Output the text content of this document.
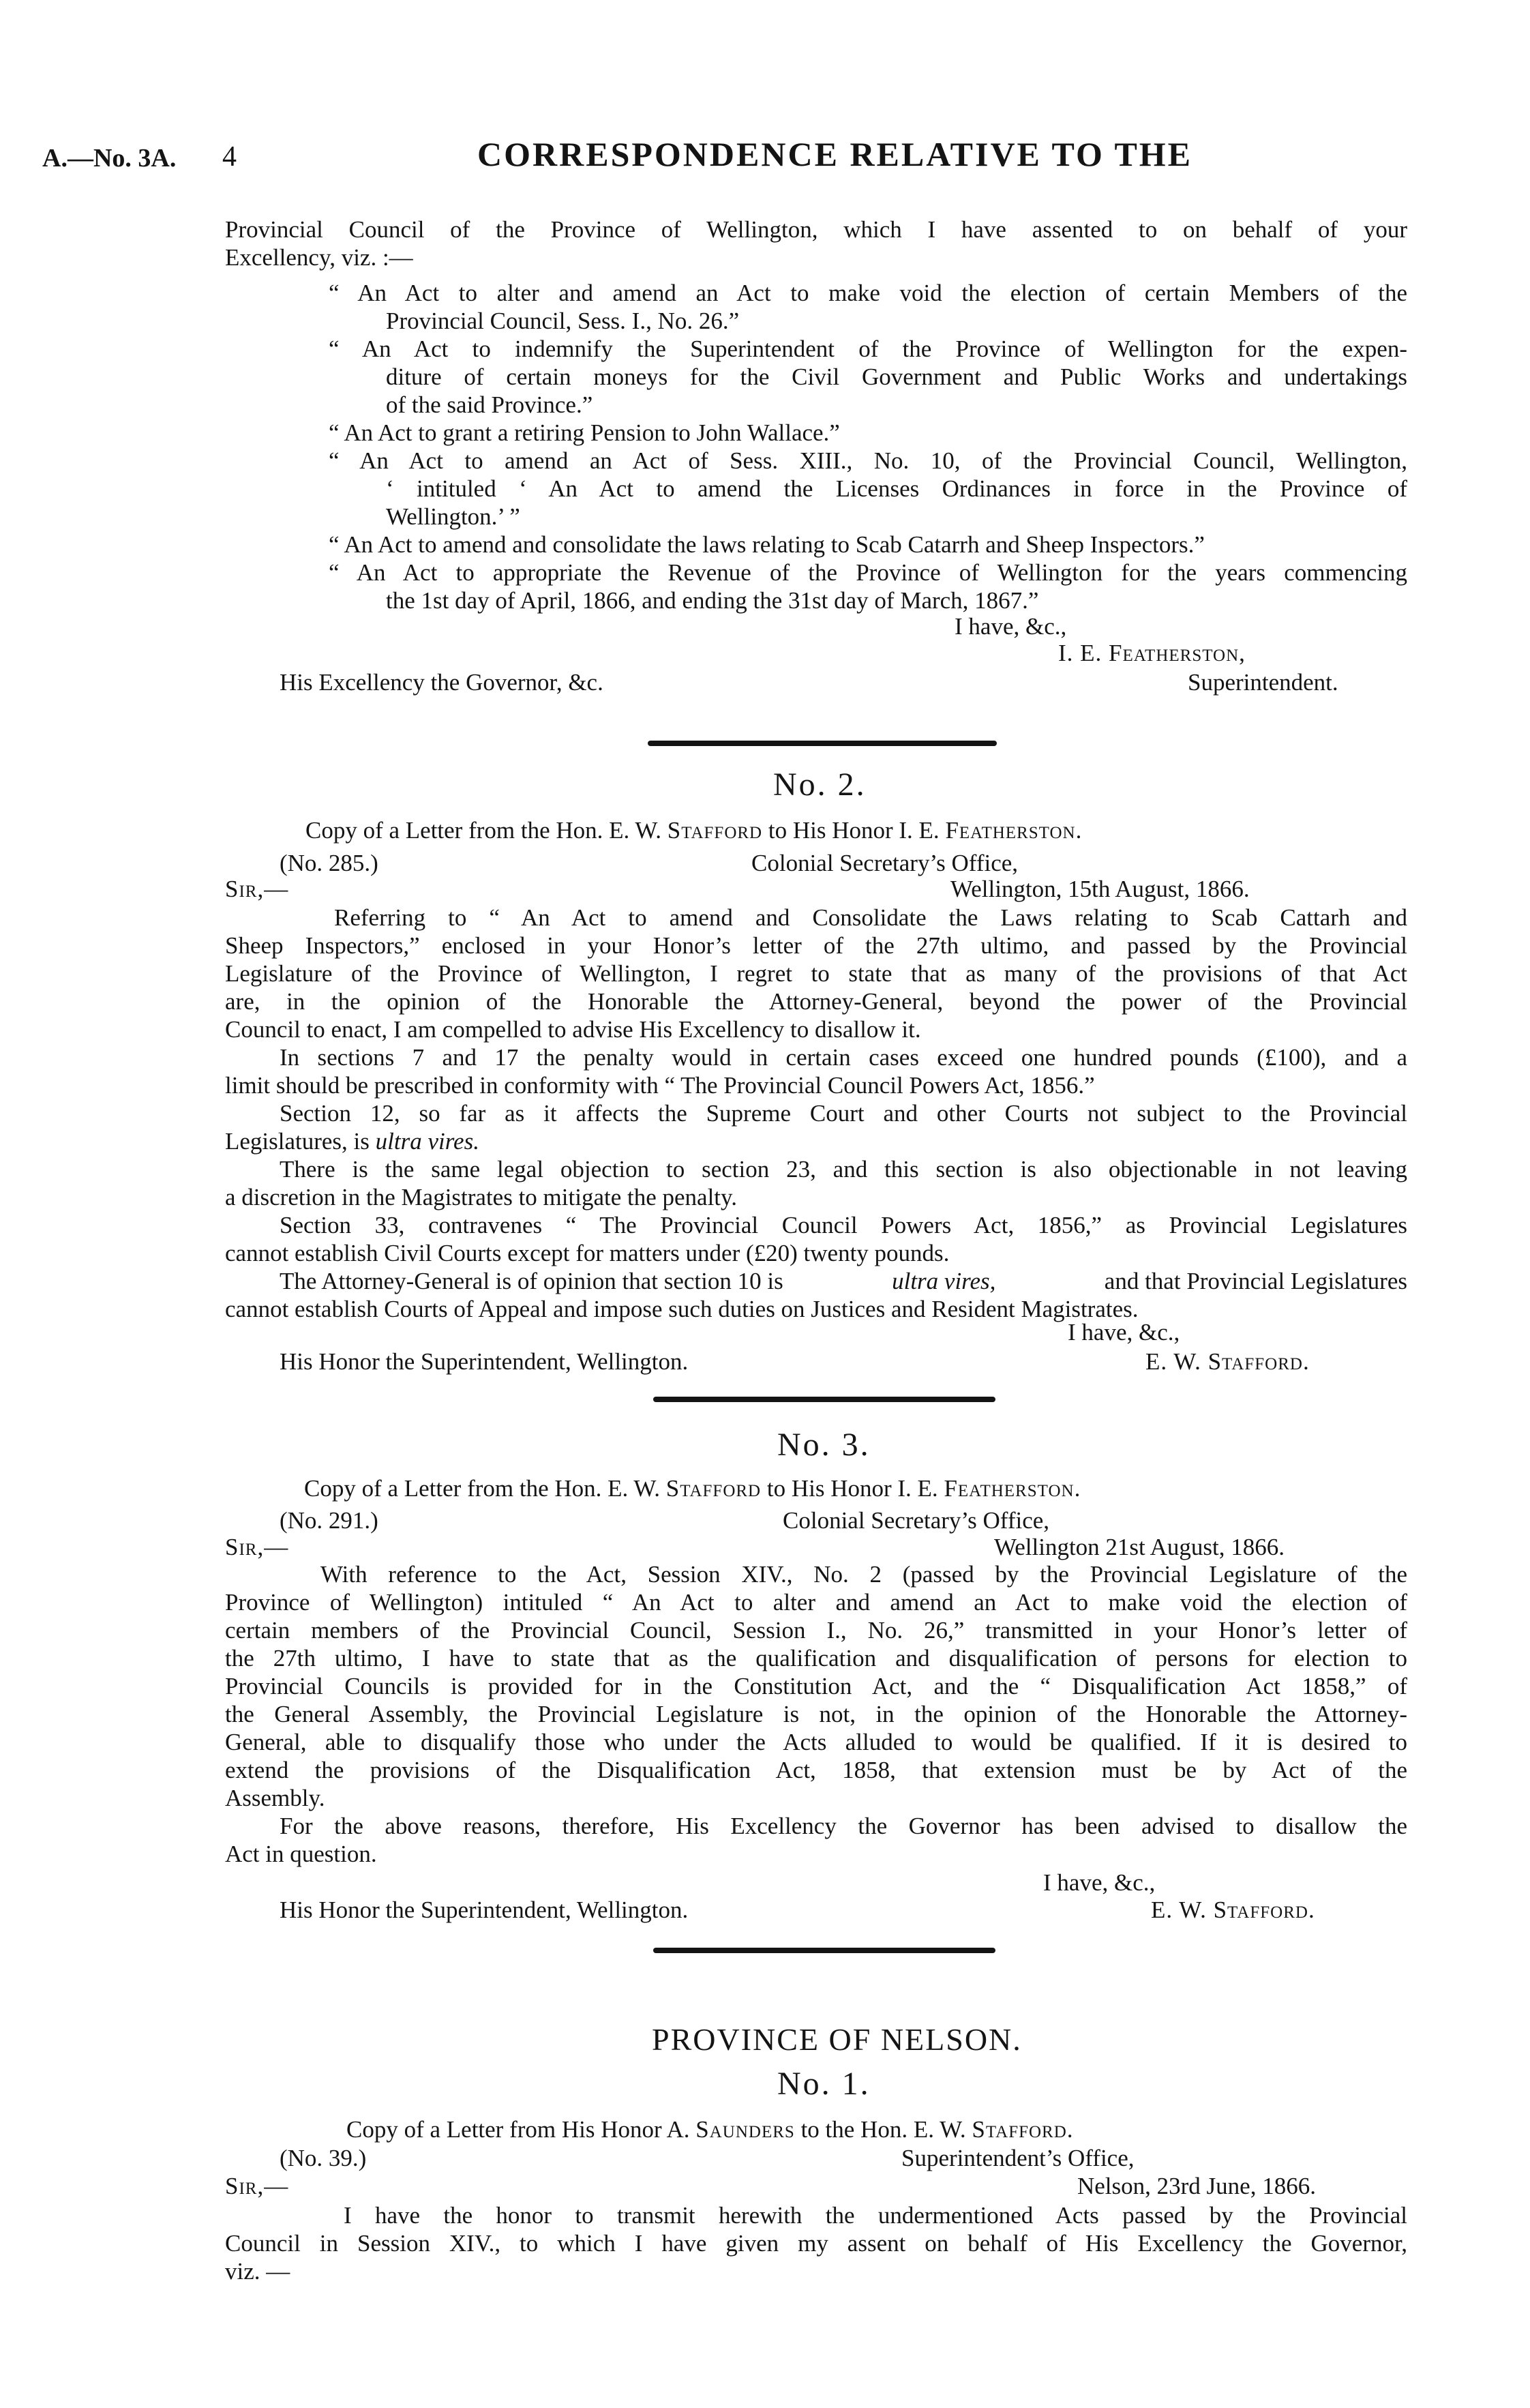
A.—No. 3A. 4	CORRESPONDENCE RELATIVE TO THE
Provincial Council of the Province of Wellington, which I have assented to on behalf of your
Excellency, viz. :—
“ An Act to alter and amend an Act to make void the election of certain Members of the
Provincial Council, Sess. I., No. 26.”
“ An Act to indemnify the Superintendent of the Province of Wellington for the expen-
diture of certain moneys for the Civil Government and Public Works and undertakings
of the said Province.”
“ An Act to grant a retiring Pension to John Wallace.”
“ An Act to amend an Act of Sess. XIII., No. 10, of the Provincial Council, Wellington,
‘ intituled ‘ An Act to amend the Licenses Ordinances in force in the Province of
Wellington.’ ”
“ An Act to amend and consolidate the laws relating to Scab Catarrh and Sheep Inspectors.”
“ An Act to appropriate the Revenue of the Province of Wellington for the years commencing
the 1st day of April, 1866, and ending the 31st day of March, 1867.”
I have, &c.,
I. E. Featherston,
His Excellency the Governor, &c.	Superintendent.
No. 2.
Copy of a Letter from the Hon. E. W. Stafford to His Honor I. E. Featherston.
(No. 285.)	Colonial Secretary’s Office,
Sir,—	Wellington, 15th August, 1866.
Referring to “ An Act to amend and Consolidate the Laws relating to Scab Cattarh and
Sheep Inspectors,” enclosed in your Honor’s letter of the 27th ultimo, and passed by the Provincial
Legislature of the Province of Wellington, I regret to state that as many of the provisions of that Act
are, in the opinion of the Honorable the Attorney-General, beyond the power of the Provincial
Council to enact, I am compelled to advise His Excellency to disallow it.
In sections 7 and 17 the penalty would in certain cases exceed one hundred pounds (£100), and a
limit should be prescribed in conformity with “ The Provincial Council Powers Act, 1856.”
Section 12, so far as it affects the Supreme Court and other Courts not subject to the Provincial
Legislatures, is ultra vires.
There is the same legal objection to section 23, and this section is also objectionable in not leaving
a discretion in the Magistrates to mitigate the penalty.
Section 33, contravenes “ The Provincial Council Powers Act, 1856,” as Provincial Legislatures
cannot establish Civil Courts except for matters under (£20) twenty pounds.
The Attorney-General is of opinion that section 10 is	ultra vires,	and that Provincial Legislatures
cannot establish Courts of Appeal and impose such duties on Justices and Resident Magistrates.
I have, &c.,
His Honor the Superintendent, Wellington.	E. W. Stafford.
No. 3.
Copy of a Letter from the Hon. E. W. Stafford to His Honor I. E. Featherston.
(No. 291.)	Colonial Secretary’s Office,
Sir,—	Wellington 21st August, 1866.
With reference to the Act, Session XIV., No. 2 (passed by the Provincial Legislature of the
Province of Wellington) intituled “ An Act to alter and amend an Act to make void the election of
certain members of the Provincial Council, Session I., No. 26,” transmitted in your Honor’s letter of
the 27th ultimo, I have to state that as the qualification and disqualification of persons for election to
Provincial Councils is provided for in the Constitution Act, and the “ Disqualification Act 1858,” of
the General Assembly, the Provincial Legislature is not, in the opinion of the Honorable the Attorney-
General, able to disqualify those who under the Acts alluded to would be qualified. If it is desired to
extend the provisions of the Disqualification Act, 1858, that extension must be by Act of the
Assembly.
For the above reasons, therefore, His Excellency the Governor has been advised to disallow the
Act in question.
I have, &c.,
His Honor the Superintendent, Wellington.	E. W. Stafford.
PROVINCE OF NELSON.
No. 1.
Copy of a Letter from His Honor A. Saunders to the Hon. E. W. Stafford.
(No. 39.)	Superintendent’s Office,
Sir,—	Nelson, 23rd June, 1866.
I have the honor to transmit herewith the undermentioned Acts passed by the Provincial
Council in Session XIV., to which I have given my assent on behalf of His Excellency the Governor,
viz. —
